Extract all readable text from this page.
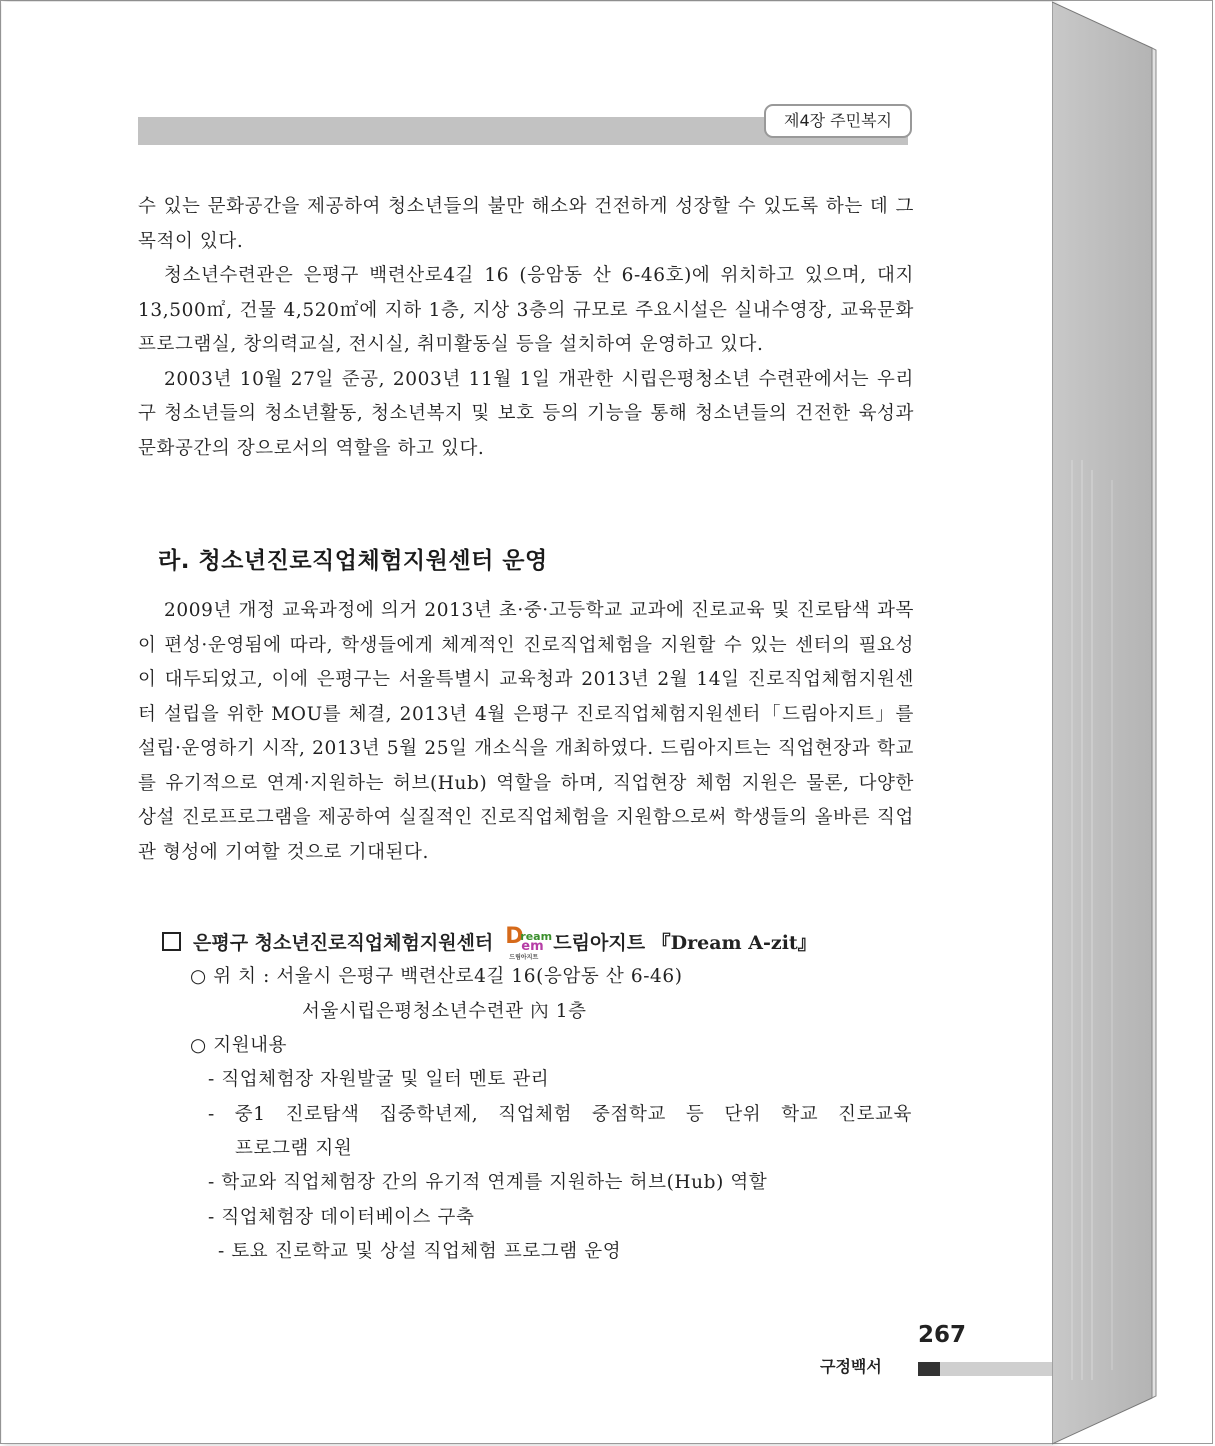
제4장 주민복지

수 있는 문화공간을 제공하여 청소년들의 불만 해소와 건전하게 성장할 수 있도록 하는 데 그 목적이 있다.

청소년수련관은 은평구 백련산로4길 16 (응암동 산 6-46호)에 위치하고 있으며, 대지 13,500㎡, 건물 4,520㎡에 지하 1층, 지상 3층의 규모로 주요시설은 실내수영장, 교육문화프로그램실, 창의력교실, 전시실, 취미활동실 등을 설치하여 운영하고 있다.

2003년 10월 27일 준공, 2003년 11월 1일 개관한 시립은평청소년 수련관에서는 우리 구 청소년들의 청소년활동, 청소년복지 및 보호 등의 기능을 통해 청소년들의 건전한 육성과 문화공간의 장으로서의 역할을 하고 있다.

라. 청소년진로직업체험지원센터 운영

2009년 개정 교육과정에 의거 2013년 초·중·고등학교 교과에 진로교육 및 진로탐색 과목이 편성·운영됨에 따라, 학생들에게 체계적인 진로직업체험을 지원할 수 있는 센터의 필요성이 대두되었고, 이에 은평구는 서울특별시 교육청과 2013년 2월 14일 진로직업체험지원센터 설립을 위한 MOU를 체결, 2013년 4월 은평구 진로직업체험지원센터「드림아지트」를 설립·운영하기 시작, 2013년 5월 25일 개소식을 개최하였다. 드림아지트는 직업현장과 학교를 유기적으로 연계·지원하는 허브(Hub) 역할을 하며, 직업현장 체험 지원은 물론, 다양한 상설 진로프로그램을 제공하여 실질적인 진로직업체험을 지원함으로써 학생들의 올바른 직업관 형성에 기여할 것으로 기대된다.

은평구 청소년진로직업체험지원센터 D
ream
em
드림아지트
드림아지트 『Dream A-zit』
○ 위 치 : 서울시 은평구 백련산로4길 16(응암동 산 6-46)
서울시립은평청소년수련관 內 1층
○ 지원내용
- 직업체험장 자원발굴 및 일터 멘토 관리
- 중1 진로탐색 집중학년제, 직업체험 중점학교 등 단위 학교 진로교육
프로그램 지원
- 학교와 직업체험장 간의 유기적 연계를 지원하는 허브(Hub) 역할
- 직업체험장 데이터베이스 구축
- 토요 진로학교 및 상설 직업체험 프로그램 운영
267
구정백서
